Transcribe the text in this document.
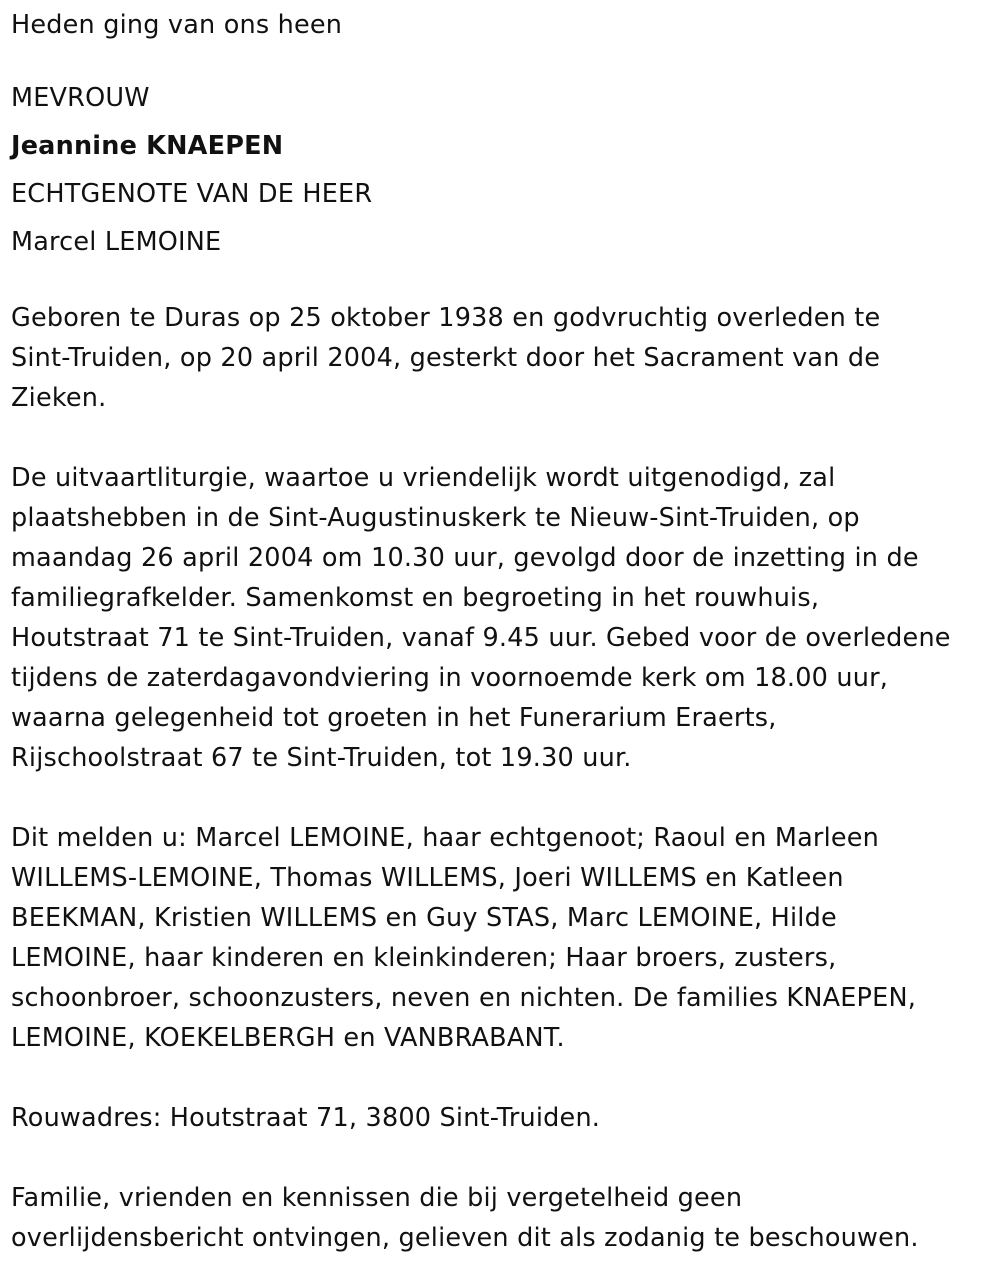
Heden ging van ons heen
MEVROUW
Jeannine KNAEPEN
ECHTGENOTE VAN DE HEER
Marcel LEMOINE

Geboren te Duras op 25 oktober 1938 en godvruchtig overleden te
Sint-Truiden, op 20 april 2004, gesterkt door het Sacrament van de
Zieken.

De uitvaartliturgie, waartoe u vriendelijk wordt uitgenodigd, zal
plaatshebben in de Sint-Augustinuskerk te Nieuw-Sint-Truiden, op
maandag 26 april 2004 om 10.30 uur, gevolgd door de inzetting in de
familiegrafkelder. Samenkomst en begroeting in het rouwhuis,
Houtstraat 71 te Sint-Truiden, vanaf 9.45 uur. Gebed voor de overledene
tijdens de zaterdagavondviering in voornoemde kerk om 18.00 uur,
waarna gelegenheid tot groeten in het Funerarium Eraerts,
Rijschoolstraat 67 te Sint-Truiden, tot 19.30 uur.

Dit melden u: Marcel LEMOINE, haar echtgenoot; Raoul en Marleen
WILLEMS-LEMOINE, Thomas WILLEMS, Joeri WILLEMS en Katleen
BEEKMAN, Kristien WILLEMS en Guy STAS, Marc LEMOINE, Hilde
LEMOINE, haar kinderen en kleinkinderen; Haar broers, zusters,
schoonbroer, schoonzusters, neven en nichten. De families KNAEPEN,
LEMOINE, KOEKELBERGH en VANBRABANT.

Rouwadres: Houtstraat 71, 3800 Sint-Truiden.

Familie, vrienden en kennissen die bij vergetelheid geen
overlijdensbericht ontvingen, gelieven dit als zodanig te beschouwen.
